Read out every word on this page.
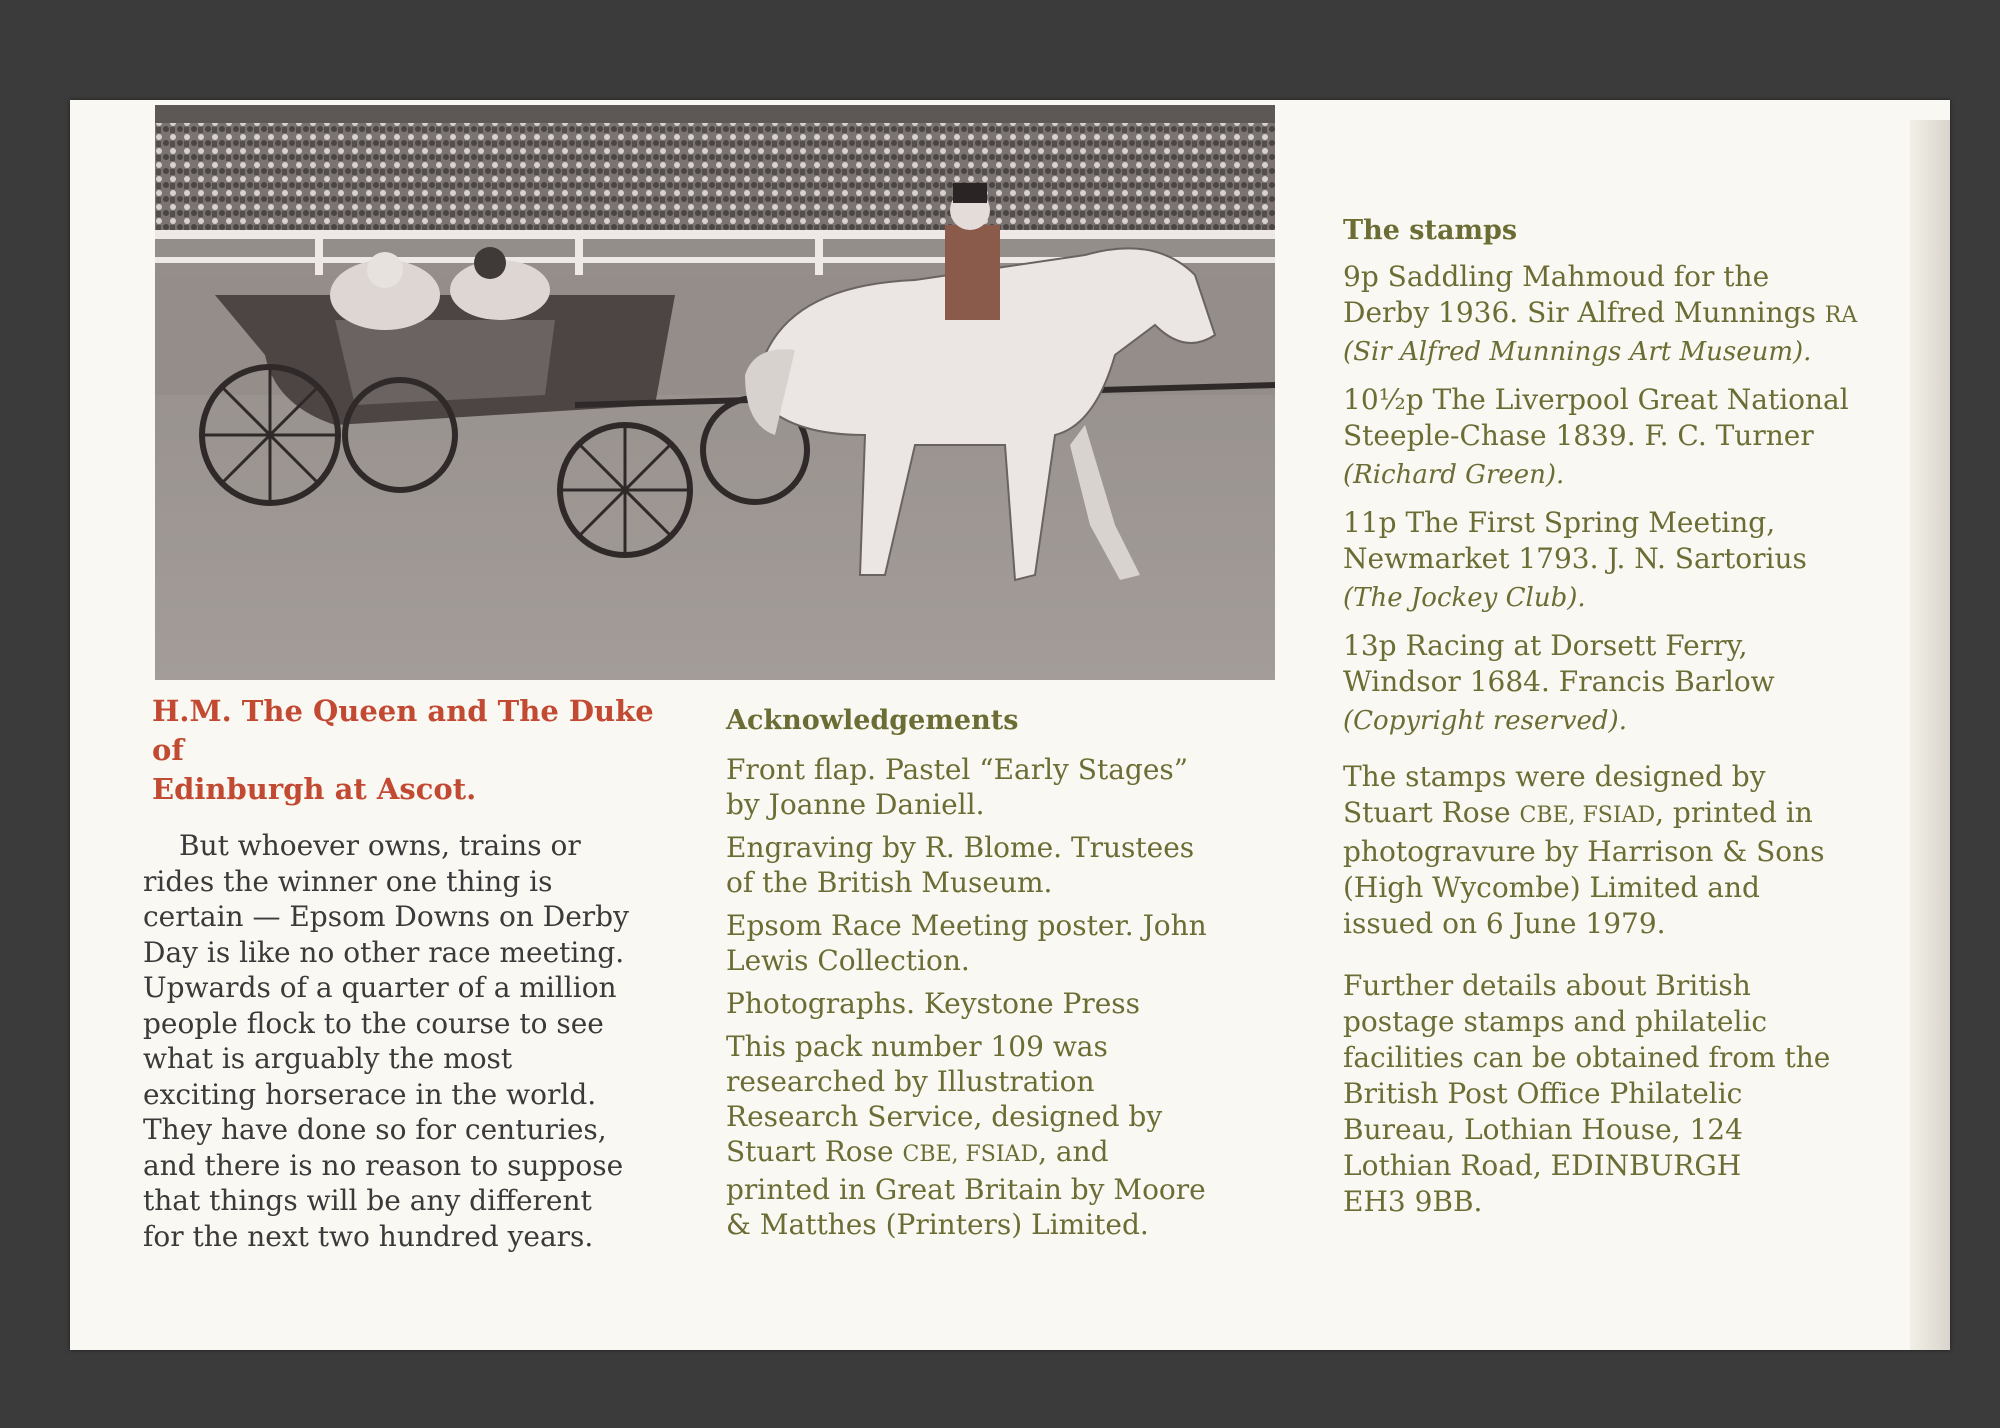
H.M. The Queen and The Duke of

Edinburgh at Ascot.

But whoever owns, trains or

rides the winner one thing is

certain — Epsom Downs on Derby

Day is like no other race meeting.

Upwards of a quarter of a million

people flock to the course to see

what is arguably the most

exciting horserace in the world.

They have done so for centuries,

and there is no reason to suppose

that things will be any different

for the next two hundred years.

Acknowledgements

Front flap. Pastel “Early Stages”

by Joanne Daniell.

Engraving by R. Blome. Trustees

of the British Museum.

Epsom Race Meeting poster. John

Lewis Collection.

Photographs. Keystone Press

This pack number 109 was

researched by Illustration

Research Service, designed by

Stuart Rose CBE, FSIAD, and

printed in Great Britain by Moore

& Matthes (Printers) Limited.

The stamps

9p Saddling Mahmoud for the

Derby 1936. Sir Alfred Munnings RA

(Sir Alfred Munnings Art Museum).

10½p The Liverpool Great National

Steeple-Chase 1839. F. C. Turner

(Richard Green).

11p The First Spring Meeting,

Newmarket 1793. J. N. Sartorius

(The Jockey Club).

13p Racing at Dorsett Ferry,

Windsor 1684. Francis Barlow

(Copyright reserved).

The stamps were designed by

Stuart Rose CBE, FSIAD, printed in

photogravure by Harrison & Sons

(High Wycombe) Limited and

issued on 6 June 1979.

Further details about British

postage stamps and philatelic

facilities can be obtained from the

British Post Office Philatelic

Bureau, Lothian House, 124

Lothian Road, EDINBURGH

EH3 9BB.
